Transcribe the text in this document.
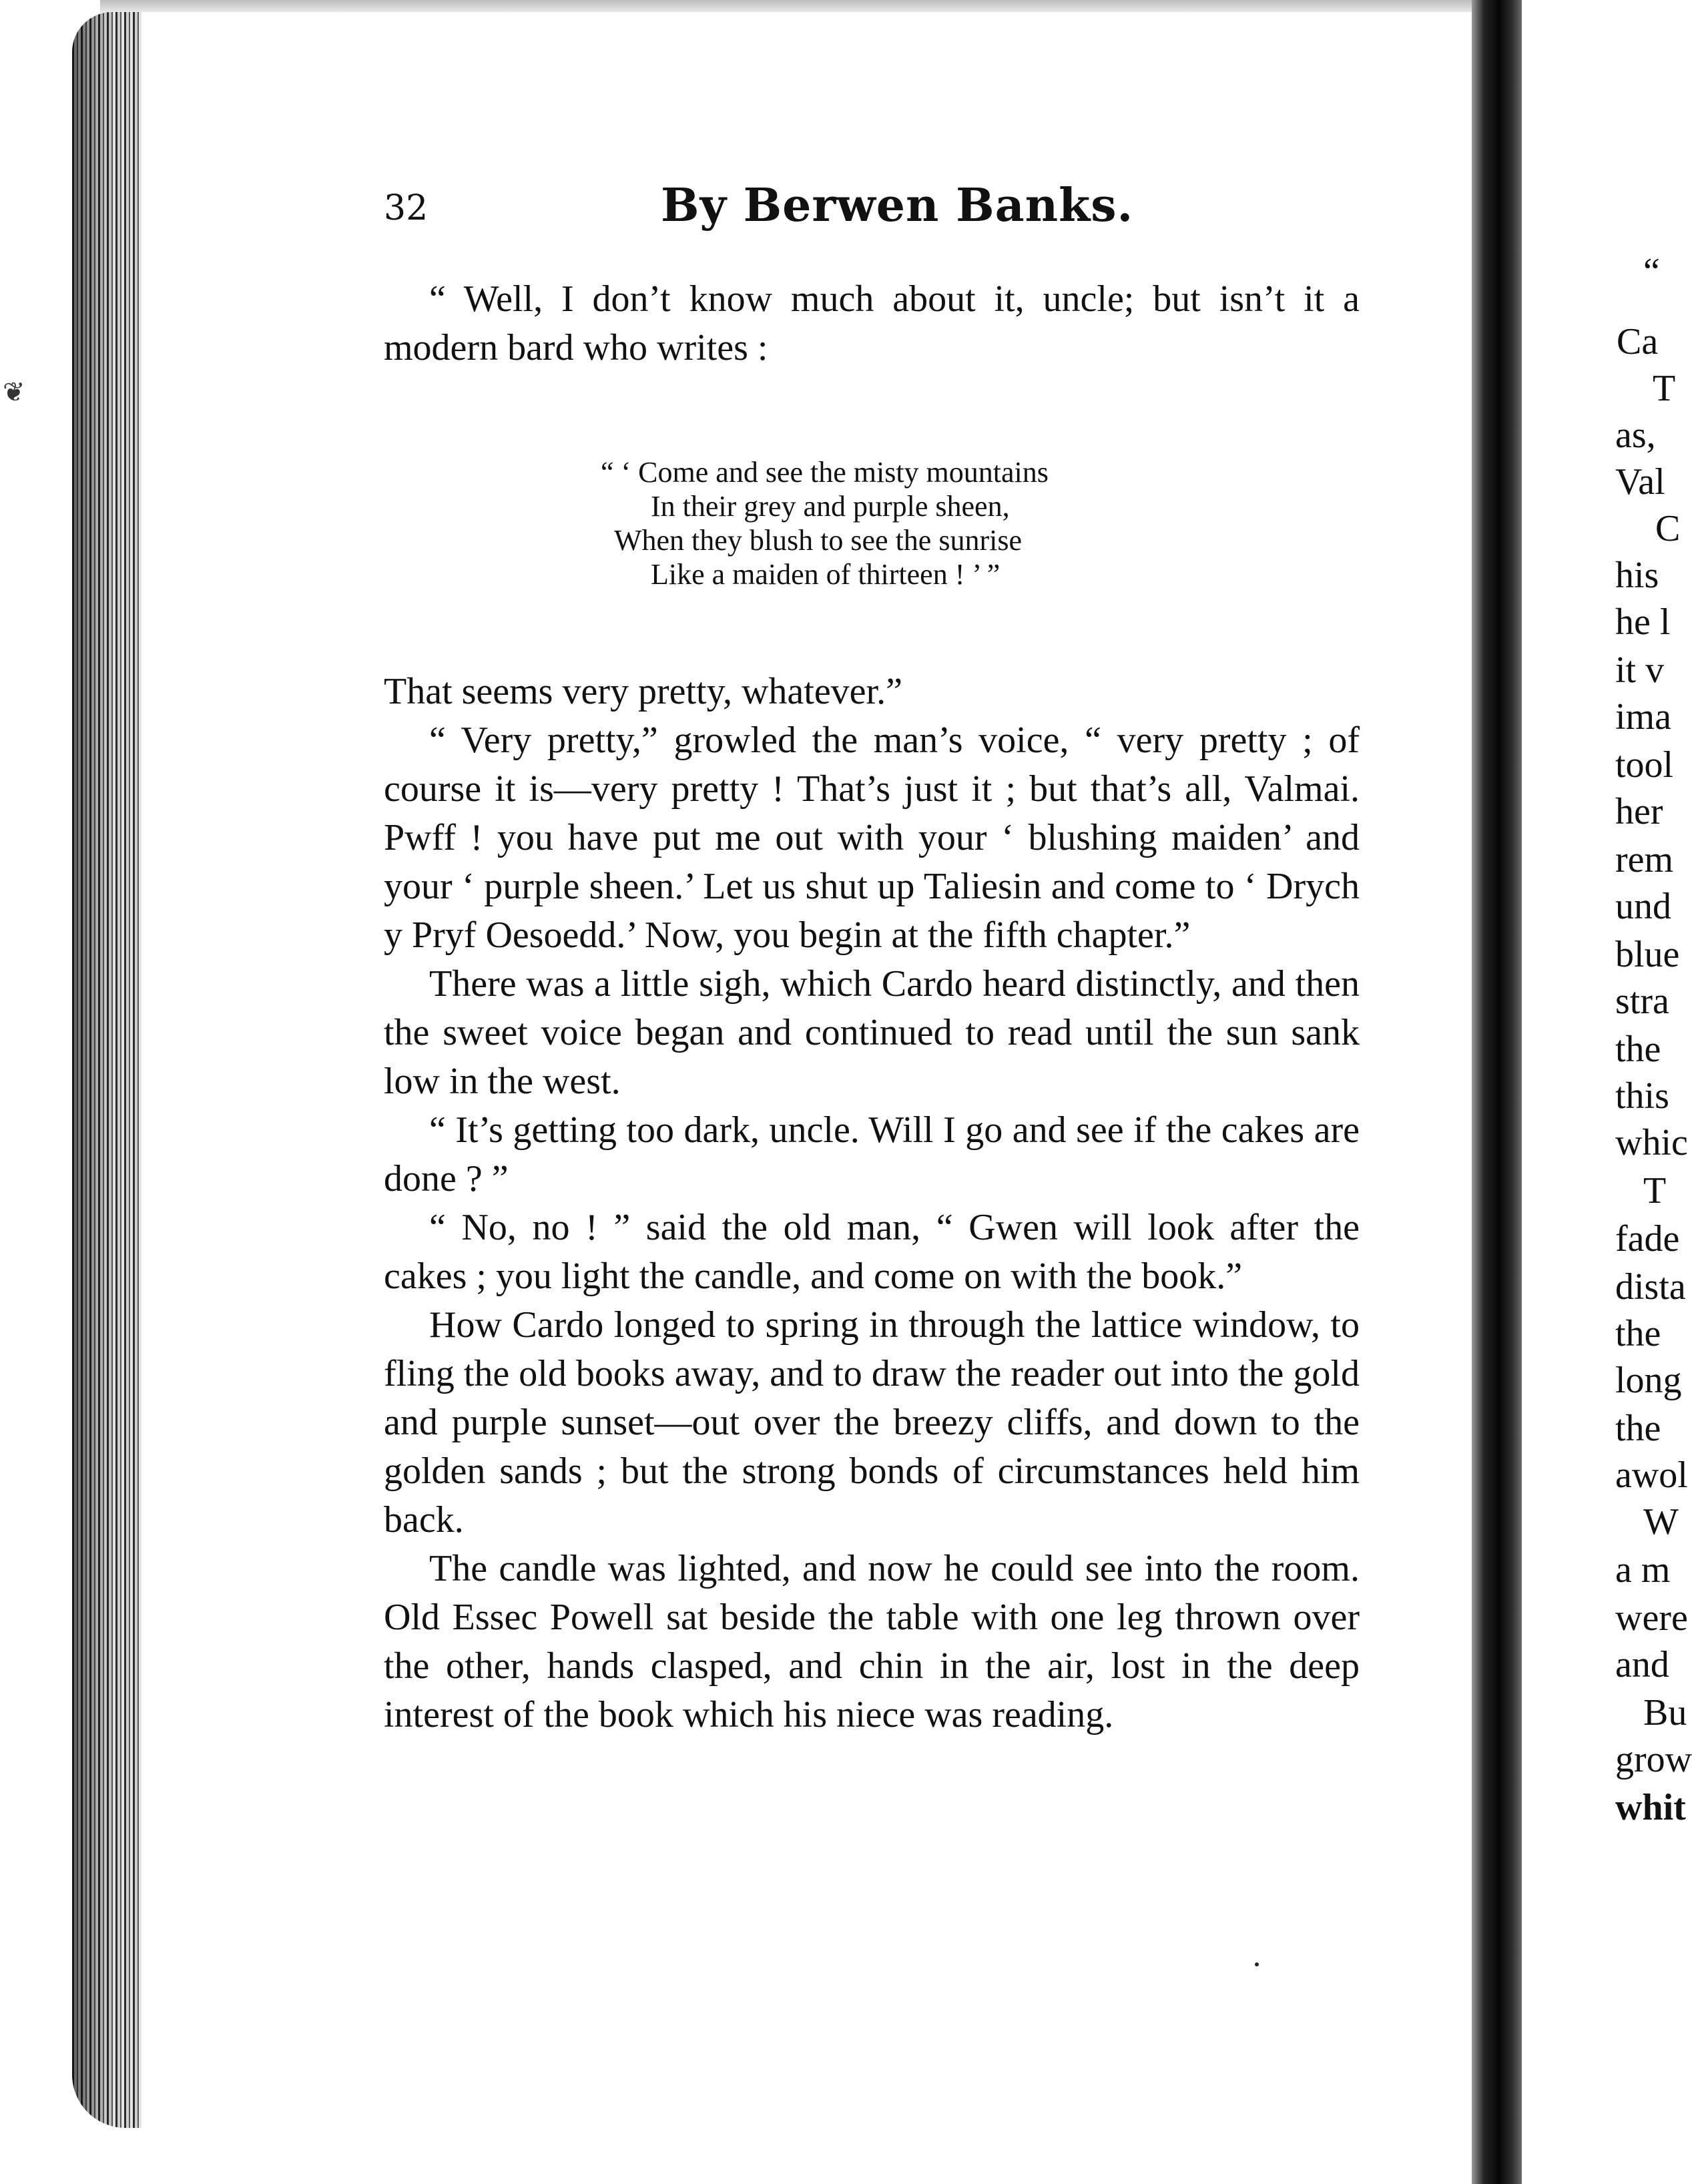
❦
32	By Berwen Banks.

“ Well, I don’t know much about it, uncle; but isn’t it a modern bard who writes :

“ ‘ Come and see the misty mountains
In their grey and purple sheen,
When they blush to see the sunrise
Like a maiden of thirteen ! ’ ”

That seems very pretty, whatever.”

“ Very pretty,” growled the man’s voice, “ very pretty ; of course it is—very pretty ! That’s just it ; but that’s all, Valmai. Pwff ! you have put me out with your ‘ blushing maiden’ and your ‘ purple sheen.’ Let us shut up Taliesin and come to ‘ Drych y Pryf Oesoedd.’ Now, you begin at the fifth chapter.”

There was a little sigh, which Cardo heard distinctly, and then the sweet voice began and continued to read until the sun sank low in the west.

“ It’s getting too dark, uncle. Will I go and see if the cakes are done ? ”

“ No, no ! ” said the old man, “ Gwen will look after the cakes ; you light the candle, and come on with the book.”

How Cardo longed to spring in through the lattice window, to fling the old books away, and to draw the reader out into the gold and purple sunset—out over the breezy cliffs, and down to the golden sands ; but the strong bonds of circumstances held him back.

The candle was lighted, and now he could see into the room. Old Essec Powell sat beside the table with one leg thrown over the other, hands clasped, and chin in the air, lost in the deep interest of the book which his niece was reading.

“
Ca
T
as,
Val
C
his
he l
it v
ima
tool
her
rem
und
blue
stra
the
this
whic
T
fade
dista
the
long
the
awol
W
a m
were
and
Bu
grow
whit
